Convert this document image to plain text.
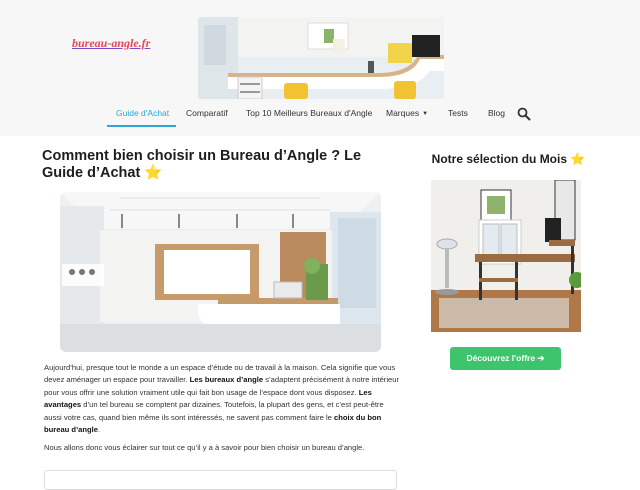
bureau-angle.fr
Guide d'Achat Comparatif Top 10 Meilleurs Bureaux d'Angle Marques ▼ Tests Blog
Comment bien choisir un Bureau d’Angle ? Le Guide d’Achat ⭐

Aujourd’hui, presque tout le monde a un espace d’étude ou de travail à la maison. Cela signifie que vous devez aménager un espace pour travailler. Les bureaux d’angle s’adaptent précisément à notre intérieur pour vous offrir une solution vraiment utile qui fait bon usage de l’espace dont vous disposez. Les avantages d’un tel bureau se comptent par dizaines. Toutefois, la plupart des gens, et c’est peut-être aussi votre cas, quand bien même ils sont intéressés, ne savent pas comment faire le choix du bon bureau d’angle.

Nous allons donc vous éclairer sur tout ce qu’il y a à savoir pour bien choisir un bureau d’angle.

Notre sélection du Mois ⭐
Découvrez l'offre ➔
